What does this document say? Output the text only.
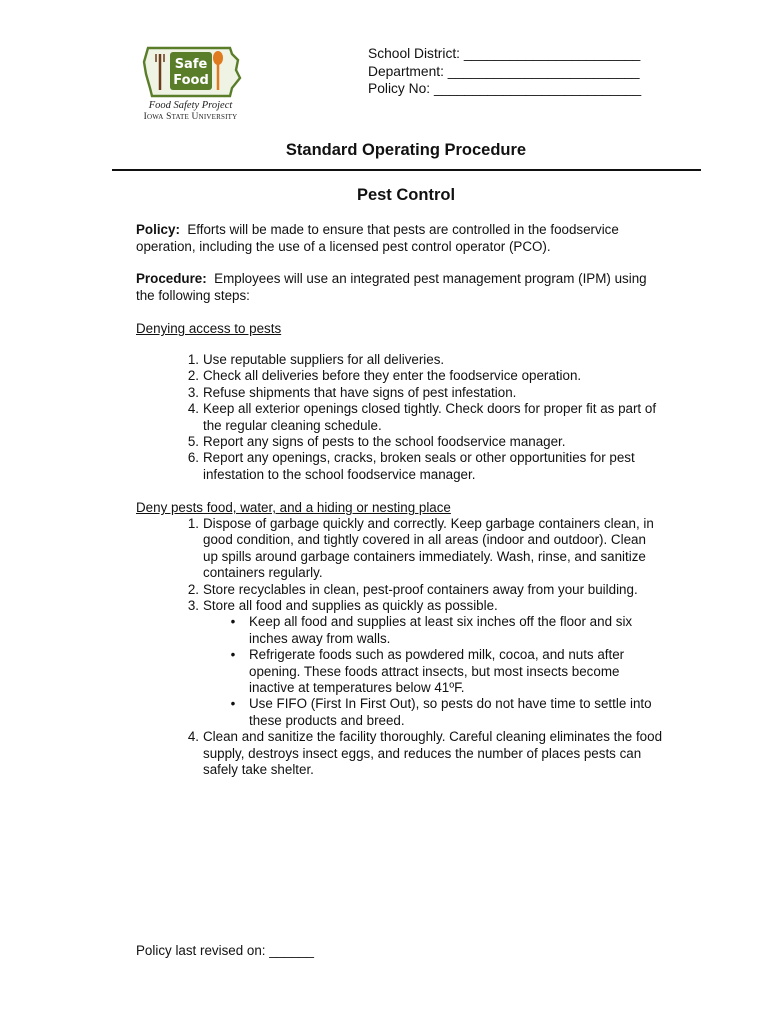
Safe
Food
Food Safety Project
Iowa State University
School District: _______________________
Department: _________________________
Policy No: ___________________________
Standard Operating Procedure
Pest Control
Policy: Efforts will be made to ensure that pests are controlled in the foodservice
operation, including the use of a licensed pest control operator (PCO).
Procedure: Employees will use an integrated pest management program (IPM) using
the following steps:
Denying access to pests
1. Use reputable suppliers for all deliveries.
2. Check all deliveries before they enter the foodservice operation.
3. Refuse shipments that have signs of pest infestation.
4. Keep all exterior openings closed tightly. Check doors for proper fit as part of
the regular cleaning schedule.
5. Report any signs of pests to the school foodservice manager.
6. Report any openings, cracks, broken seals or other opportunities for pest
infestation to the school foodservice manager.
Deny pests food, water, and a hiding or nesting place
1. Dispose of garbage quickly and correctly. Keep garbage containers clean, in
good condition, and tightly covered in all areas (indoor and outdoor). Clean
up spills around garbage containers immediately. Wash, rinse, and sanitize
containers regularly.
2. Store recyclables in clean, pest-proof containers away from your building.
3. Store all food and supplies as quickly as possible.
• Keep all food and supplies at least six inches off the floor and six
inches away from walls.
• Refrigerate foods such as powdered milk, cocoa, and nuts after
opening. These foods attract insects, but most insects become
inactive at temperatures below 41ºF.
• Use FIFO (First In First Out), so pests do not have time to settle into
these products and breed.
4. Clean and sanitize the facility thoroughly. Careful cleaning eliminates the food
supply, destroys insect eggs, and reduces the number of places pests can
safely take shelter.
Policy last revised on: ______
